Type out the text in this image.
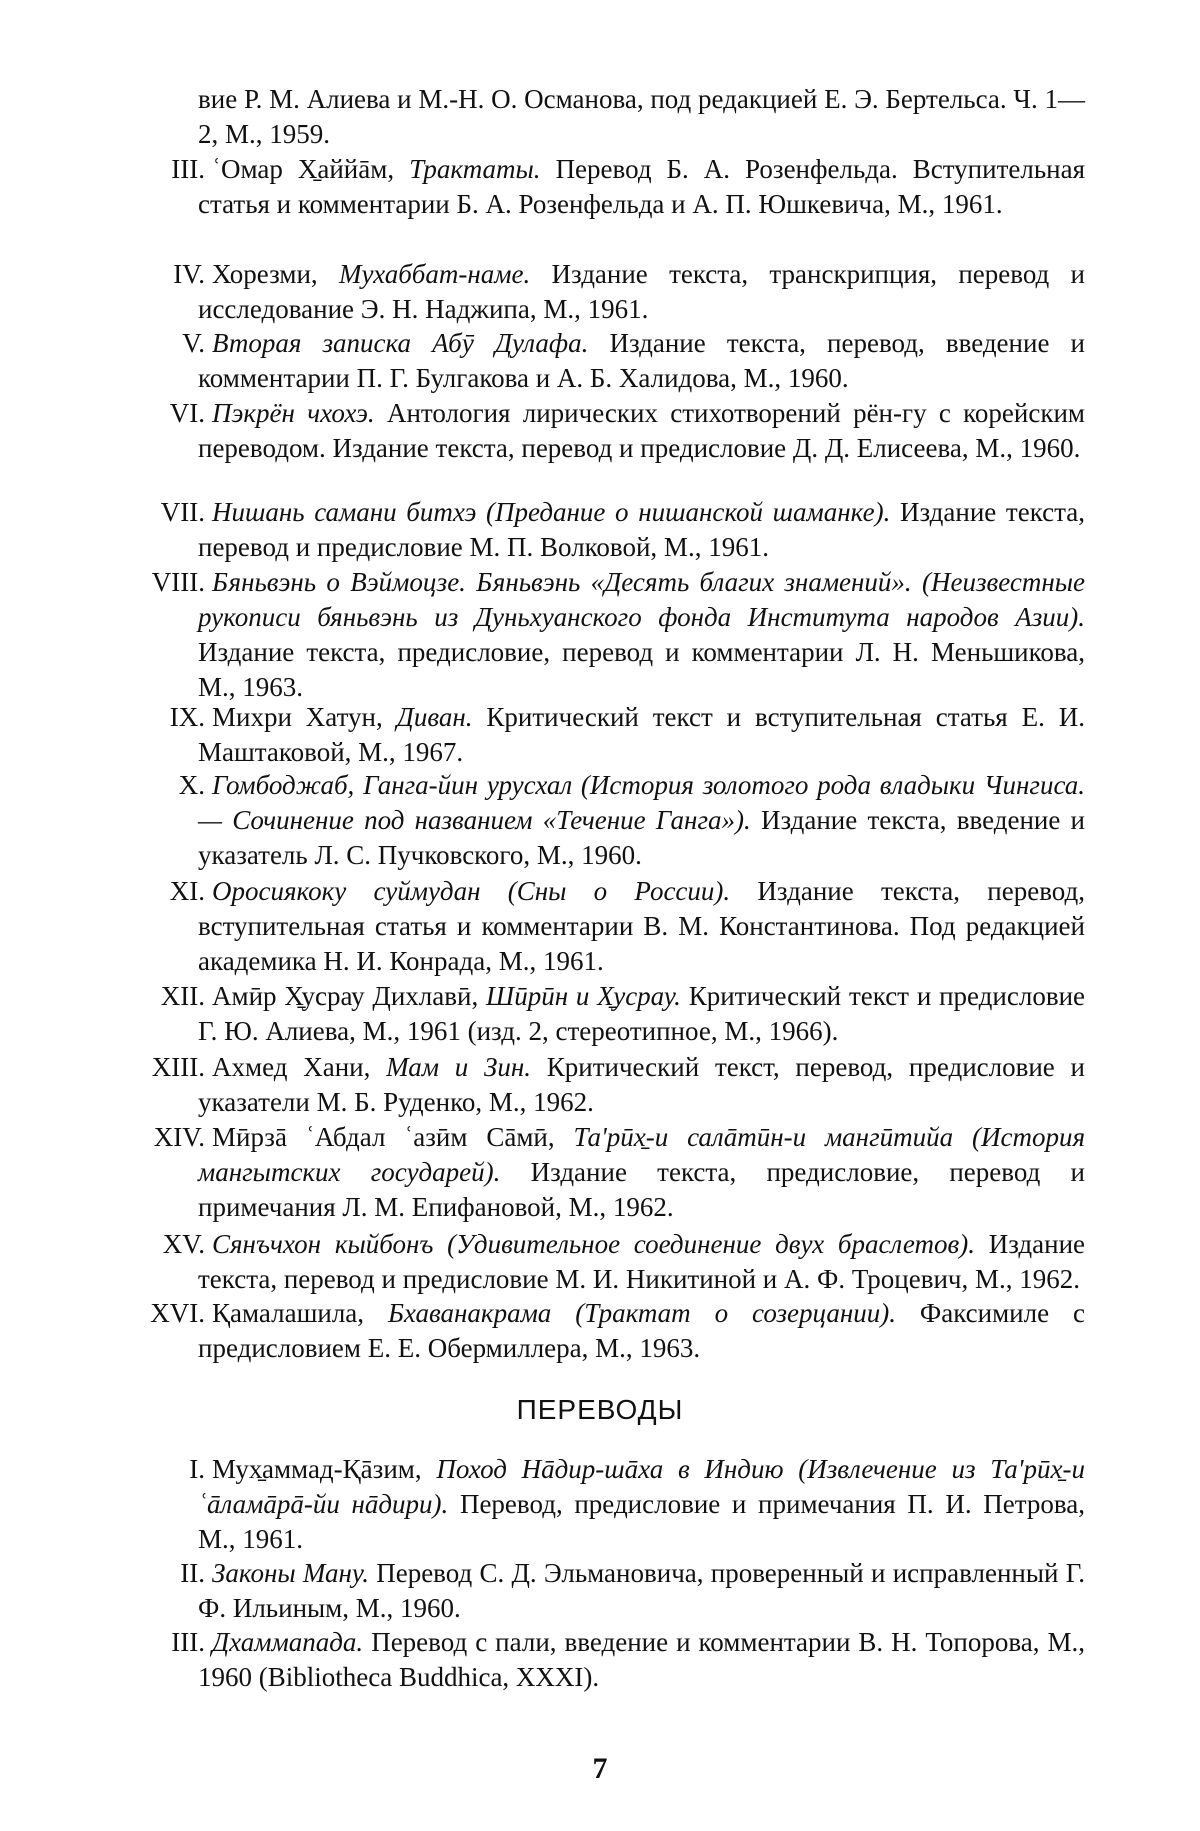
вие Р. М. Алиева и М.-Н. О. Османова, под редакцией Е. Э. Бертельса. Ч. 1—2, М., 1959.
III. ʿОмар Х̱аййāм, Трактаты. Перевод Б. А. Розенфельда. Вступительная статья и комментарии Б. А. Розенфельда и А. П. Юшкевича, М., 1961.
IV. Хорезми, Мухаббат-наме. Издание текста, транскрипция, перевод и исследование Э. Н. Наджипа, М., 1961.
V. Вторая записка Абӯ Дулафа. Издание текста, перевод, введение и комментарии П. Г. Булгакова и А. Б. Халидова, М., 1960.
VI. Пэкрён чхохэ. Антология лирических стихотворений рён-гу с корейским переводом. Издание текста, перевод и предисловие Д. Д. Елисеева, М., 1960.
VII. Нишань самани битхэ (Предание о нишанской шаманке). Издание текста, перевод и предисловие М. П. Волковой, М., 1961.
VIII. Бяньвэнь о Вэймоцзе. Бяньвэнь «Десять благих знамений». (Неизвестные рукописи бяньвэнь из Дуньхуанского фонда Института народов Азии). Издание текста, предисловие, перевод и комментарии Л. Н. Меньшикова, М., 1963.
IX. Михри Хатун, Диван. Критический текст и вступительная статья Е. И. Маштаковой, М., 1967.
X. Гомбоджаб, Ганга-йин урусхал (История золотого рода владыки Чингиса.— Сочинение под названием «Течение Ганга»). Издание текста, введение и указатель Л. С. Пучковского, М., 1960.
XI. Оросиякоку суймудан (Сны о России). Издание текста, перевод, вступительная статья и комментарии В. М. Константинова. Под редакцией академика Н. И. Конрада, М., 1961.
XII. Амӣр Х̱усрау Дихлавӣ, Шӣрӣн и Х̱усрау. Критический текст и предисловие Г. Ю. Алиева, М., 1961 (изд. 2, стереотипное, М., 1966).
XIII. Ахмед Хани, Мам и Зин. Критический текст, перевод, предисловие и указатели М. Б. Руденко, М., 1962.
XIV. Мӣрзā ʿАбдал ʿазӣм Сāмӣ, Та'рӣх̱-и салāтӣн-и мангӣтийа (История мангытских государей). Издание текста, предисловие, перевод и примечания Л. М. Епифановой, М., 1962.
XV. Сянъчхон кыйбонъ (Удивительное соединение двух браслетов). Издание текста, перевод и предисловие М. И. Никитиной и А. Ф. Троцевич, М., 1962.
XVI. Қамалашила, Бхаванакрама (Трактат о созерцании). Факсимиле с предисловием Е. Е. Обермиллера, М., 1963.
ПЕРЕВОДЫ
I. Мух̱аммад-Қāзим, Поход Нāдир-шāха в Индию (Извлечение из Та'рӣх̱-и ʿāламāрā-йи нāдири). Перевод, предисловие и примечания П. И. Петрова, М., 1961.
II. Законы Ману. Перевод С. Д. Эльмановича, проверенный и исправленный Г. Ф. Ильиным, М., 1960.
III. Дхаммапада. Перевод с пали, введение и комментарии В. Н. Топорова, М., 1960 (Bibliotheca Buddhica, XXXI).
7
